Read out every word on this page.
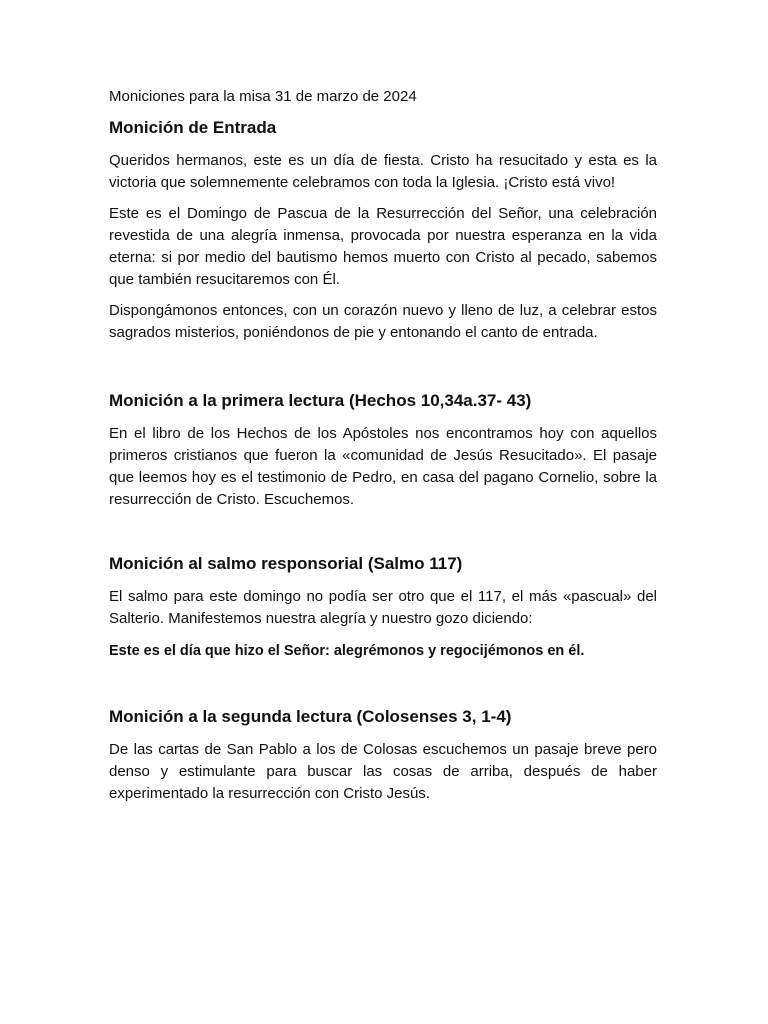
Moniciones para la misa 31 de marzo de 2024
Monición de Entrada

Queridos hermanos, este es un día de fiesta. Cristo ha resucitado y esta es la victoria que solemnemente celebramos con toda la Iglesia. ¡Cristo está vivo!

Este es el Domingo de Pascua de la Resurrección del Señor, una celebración revestida de una alegría inmensa, provocada por nuestra esperanza en la vida eterna: si por medio del bautismo hemos muerto con Cristo al pecado, sabemos que también resucitaremos con Él.

Dispongámonos entonces, con un corazón nuevo y lleno de luz, a celebrar estos sagrados misterios, poniéndonos de pie y entonando el canto de entrada.

Monición a la primera lectura (Hechos 10,34a.37- 43)

En el libro de los Hechos de los Apóstoles nos encontramos hoy con aquellos primeros cristianos que fueron la «comunidad de Jesús Resucitado». El pasaje que leemos hoy es el testimonio de Pedro, en casa del pagano Cornelio, sobre la resurrección de Cristo. Escuchemos.

Monición al salmo responsorial (Salmo 117)

El salmo para este domingo no podía ser otro que el 117, el más «pascual» del Salterio. Manifestemos nuestra alegría y nuestro gozo diciendo:

Este es el día que hizo el Señor: alegrémonos y regocijémonos en él.

Monición a la segunda lectura (Colosenses 3, 1-4)

De las cartas de San Pablo a los de Colosas escuchemos un pasaje breve pero denso y estimulante para buscar las cosas de arriba, después de haber experimentado la resurrección con Cristo Jesús.
